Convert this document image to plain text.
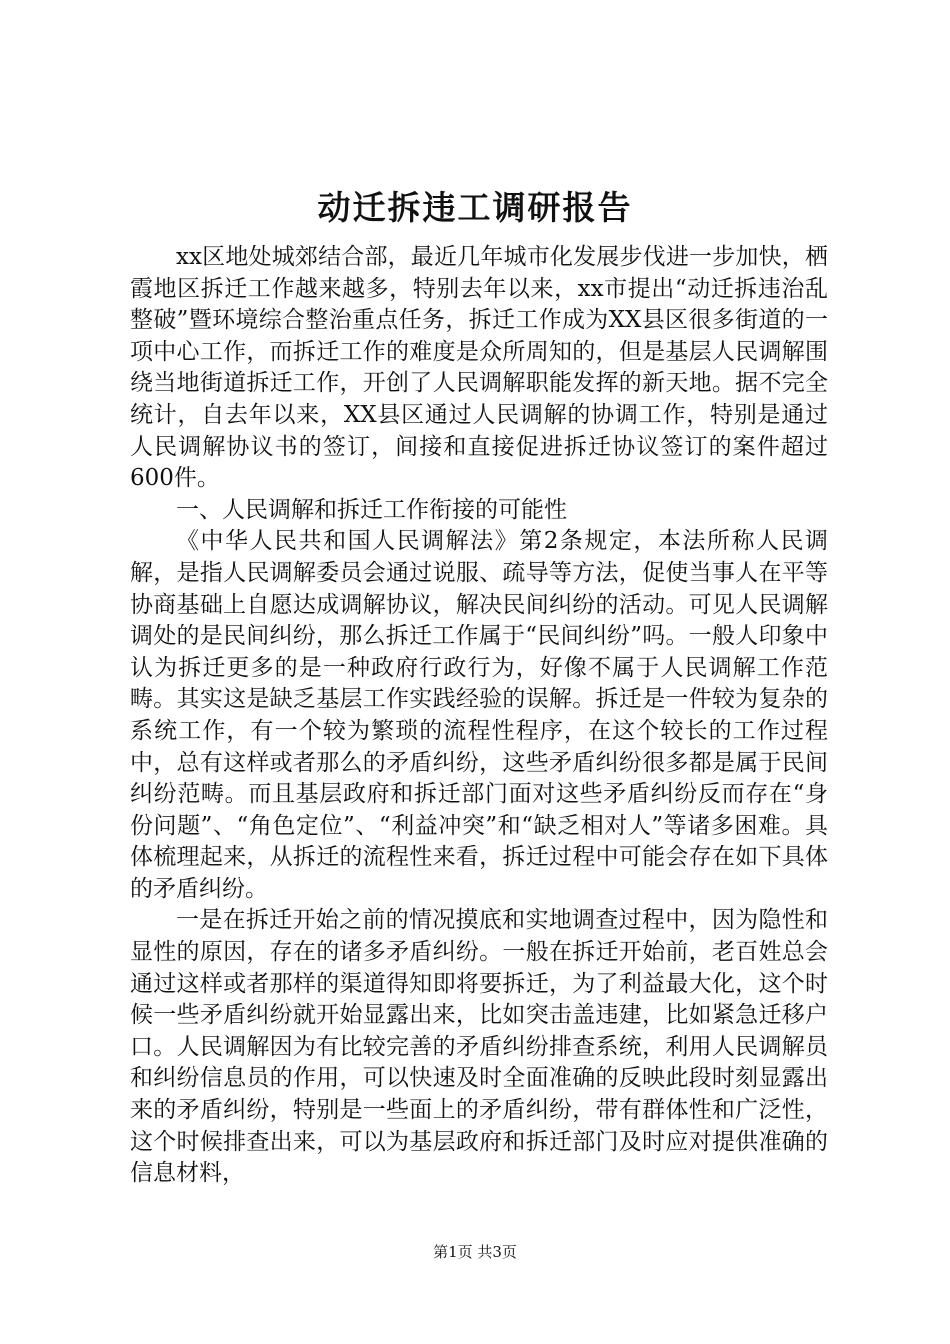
动迁拆违工调研报告

xx区地处城郊结合部，最近几年城市化发展步伐进一步加快，栖霞地区拆迁工作越来越多，特别去年以来，xx市提出“动迁拆违治乱整破”暨环境综合整治重点任务，拆迁工作成为XX县区很多街道的一项中心工作，而拆迁工作的难度是众所周知的，但是基层人民调解围绕当地街道拆迁工作，开创了人民调解职能发挥的新天地。据不完全统计，自去年以来，XX县区通过人民调解的协调工作，特别是通过人民调解协议书的签订，间接和直接促进拆迁协议签订的案件超过600件。

一、人民调解和拆迁工作衔接的可能性

《中华人民共和国人民调解法》第2条规定，本法所称人民调解，是指人民调解委员会通过说服、疏导等方法，促使当事人在平等协商基础上自愿达成调解协议，解决民间纠纷的活动。可见人民调解调处的是民间纠纷，那么拆迁工作属于“民间纠纷”吗。一般人印象中认为拆迁更多的是一种政府行政行为，好像不属于人民调解工作范畴。其实这是缺乏基层工作实践经验的误解。拆迁是一件较为复杂的系统工作，有一个较为繁琐的流程性程序，在这个较长的工作过程中，总有这样或者那么的矛盾纠纷，这些矛盾纠纷很多都是属于民间纠纷范畴。而且基层政府和拆迁部门面对这些矛盾纠纷反而存在“身份问题”、“角色定位”、“利益冲突”和“缺乏相对人”等诸多困难。具体梳理起来，从拆迁的流程性来看，拆迁过程中可能会存在如下具体的矛盾纠纷。

一是在拆迁开始之前的情况摸底和实地调查过程中，因为隐性和显性的原因，存在的诸多矛盾纠纷。一般在拆迁开始前，老百姓总会通过这样或者那样的渠道得知即将要拆迁，为了利益最大化，这个时候一些矛盾纠纷就开始显露出来，比如突击盖违建，比如紧急迁移户口。人民调解因为有比较完善的矛盾纠纷排查系统，利用人民调解员和纠纷信息员的作用，可以快速及时全面准确的反映此段时刻显露出来的矛盾纠纷，特别是一些面上的矛盾纠纷，带有群体性和广泛性，这个时候排查出来，可以为基层政府和拆迁部门及时应对提供准确的信息材料，

第1页 共3页
